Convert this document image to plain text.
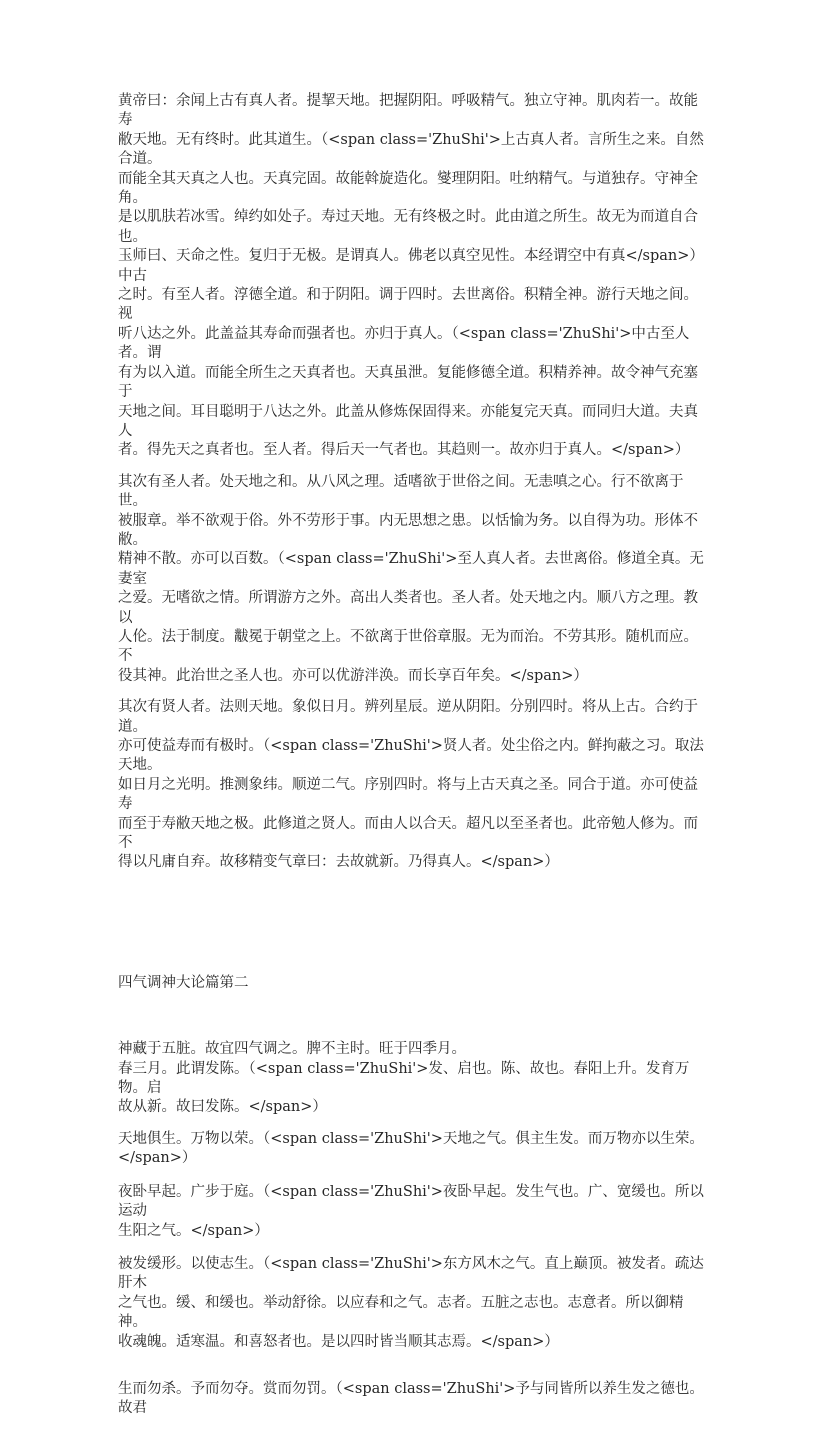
黄帝曰：余闻上古有真人者。提挈天地。把握阴阳。呼吸精气。独立守神。肌肉若一。故能寿
敝天地。无有终时。此其道生。（<span class='ZhuShi'>上古真人者。言所生之来。自然合道。
而能全其天真之人也。天真完固。故能斡旋造化。燮理阴阳。吐纳精气。与道独存。守神全角。
是以肌肤若冰雪。绰约如处子。寿过天地。无有终极之时。此由道之所生。故无为而道自合也。
玉师曰、天命之性。复归于无极。是谓真人。佛老以真空见性。本经谓空中有真</span>）中古
之时。有至人者。淳德全道。和于阴阳。调于四时。去世离俗。积精全神。游行天地之间。视
听八达之外。此盖益其寿命而强者也。亦归于真人。（<span class='ZhuShi'>中古至人者。谓
有为以入道。而能全所生之天真者也。天真虽泄。复能修德全道。积精养神。故令神气充塞于
天地之间。耳目聪明于八达之外。此盖从修炼保固得来。亦能复完天真。而同归大道。夫真人
者。得先天之真者也。至人者。得后天一气者也。其趋则一。故亦归于真人。</span>）
其次有圣人者。处天地之和。从八风之理。适嗜欲于世俗之间。无恚嗔之心。行不欲离于世。
被服章。举不欲观于俗。外不劳形于事。内无思想之患。以恬愉为务。以自得为功。形体不敝。
精神不散。亦可以百数。（<span class='ZhuShi'>至人真人者。去世离俗。修道全真。无妻室
之爱。无嗜欲之情。所谓游方之外。高出人类者也。圣人者。处天地之内。顺八方之理。教以
人伦。法于制度。黻冕于朝堂之上。不欲离于世俗章服。无为而治。不劳其形。随机而应。不
役其神。此治世之圣人也。亦可以优游泮涣。而长享百年矣。</span>）
其次有贤人者。法则天地。象似日月。辨列星辰。逆从阴阳。分别四时。将从上古。合约于道。
亦可使益寿而有极时。（<span class='ZhuShi'>贤人者。处尘俗之内。鲜拘蔽之习。取法天地。
如日月之光明。推测象纬。顺逆二气。序别四时。将与上古天真之圣。同合于道。亦可使益寿
而至于寿敝天地之极。此修道之贤人。而由人以合天。超凡以至圣者也。此帝勉人修为。而不
得以凡庸自弃。故移精变气章曰：去故就新。乃得真人。</span>）
四气调神大论篇第二
神藏于五脏。故宜四气调之。脾不主时。旺于四季月。
春三月。此谓发陈。（<span class='ZhuShi'>发、启也。陈、故也。春阳上升。发育万物。启
故从新。故曰发陈。</span>）
天地俱生。万物以荣。（<span class='ZhuShi'>天地之气。俱主生发。而万物亦以生荣。</span>）
夜卧早起。广步于庭。（<span class='ZhuShi'>夜卧早起。发生气也。广、宽缓也。所以运动
生阳之气。</span>）
被发缓形。以使志生。（<span class='ZhuShi'>东方风木之气。直上巅顶。被发者。疏达肝木
之气也。缓、和缓也。举动舒徐。以应春和之气。志者。五脏之志也。志意者。所以御精神。
收魂魄。适寒温。和喜怒者也。是以四时皆当顺其志焉。</span>）
生而勿杀。予而勿夺。赏而勿罚。（<span class='ZhuShi'>予与同皆所以养生发之德也。故君
